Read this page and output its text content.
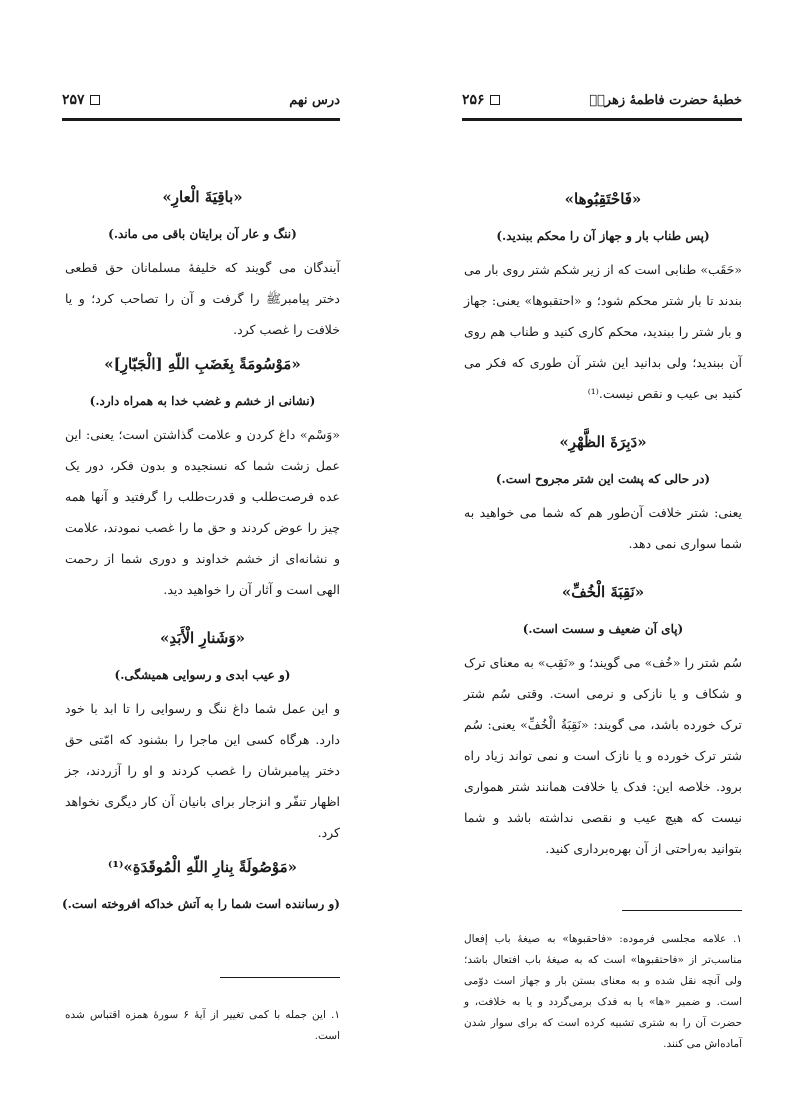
درس نهم
۲۵۷

«باقِيَةَ الْعارِ»

(ننگ و عار آن برايتان باقی می ماند.)

آيندگان می گويند كه خليفهٔ مسلمانان حق قطعی دختر پيامبرﷺ را گرفت و آن را تصاحب كرد؛ و يا خلافت را غصب كرد.

«مَوْسُومَةً بِغَضَبِ اللّهِ [الْجَبّارِ]»

(نشانی از خشم و غضب خدا به همراه دارد.)

«وَسْم» داغ كردن و علامت گذاشتن است؛ يعنی: اين عمل زشت شما كه نسنجيده و بدون فكر، دور يک عده فرصت‌طلب و قدرت‌طلب را گرفتيد و آنها همه چيز را عوض كردند و حق ما را غصب نمودند، علامت و نشانه‌ای از خشم خداوند و دوری شما از رحمت الهی است و آثار آن را خواهيد ديد.

«وَشَنارِ الْأَبَدِ»

(و عيب ابدی و رسوايی هميشگی.)

و اين عمل شما داغ ننگ و رسوايی را تا ابد با خود دارد. هرگاه كسی اين ماجرا را بشنود كه امّتی حق دختر پيامبرشان را غصب كردند و او را آزردند، جز اظهار تنفّر و انزجار برای بانيان آن كار ديگری نخواهد كرد.

«مَوْصُولَةً بِنارِ اللّهِ الْمُوقَدَةِ»⁽¹⁾

(و رساننده است شما را به آتش خداكه افروخته است.)

١. اين جمله با كمی تغيير از آيهٔ ۶ سورهٔ همزه اقتباس شده است.

خطبهٔ حضرت فاطمهٔ زهراؑ
۲۵۶

«فَاحْتَقِبُوها»

(پس طناب بار و جهاز آن را محكم ببنديد.)

«حَقَب» طنابی است كه از زير شكم شتر روی بار می بندند تا بار شتر محكم شود؛ و «احتقبوها» يعنی: جهاز و بار شتر را ببنديد، محكم كاری كنيد و طناب هم روی آن ببنديد؛ ولی بدانيد اين شتر آن طوری كه فكر می كنيد بی عيب و نقص نيست.⁽¹⁾

«دَبِرَةَ الظَّهْرِ»

(در حالی كه پشت اين شتر مجروح است.)

يعنی: شتر خلافت آن‌طور هم كه شما می خواهيد به شما سواری نمی دهد.

«نَقِبَةَ الْخُفِّ»

(پای آن ضعيف و سست است.)

سُم شتر را «خُف» می گويند؛ و «نَقِب» به معنای ترک و شكاف و يا نازكی و نرمی است. وقتی سُم شتر ترک خورده باشد، می گويند: «نَقِبَةُ الْخُفِّ» يعنی: سُم شتر ترک خورده و يا نازک است و نمی تواند زياد راه برود. خلاصه اين: فدک يا خلافت همانند شتر همواری نيست كه هيچ عيب و نقصی نداشته باشد و شما بتوانيد به‌راحتی از آن بهره‌برداری كنيد.

١. علامه مجلسی فرموده: «فاحقبوها» به صيغهٔ باب إفعال مناسب‌تر از «فاحتقبوها» است كه به صيغهٔ باب افتعال باشد؛ ولی آنچه نقل شده و به معنای بستن بار و جهاز است دوّمی است. و ضمير «ها» يا به فدک برمی‌گردد و يا به خلافت، و حضرت آن را به شتری تشبيه كرده است كه برای سوار شدن آماده‌اش می كنند.
